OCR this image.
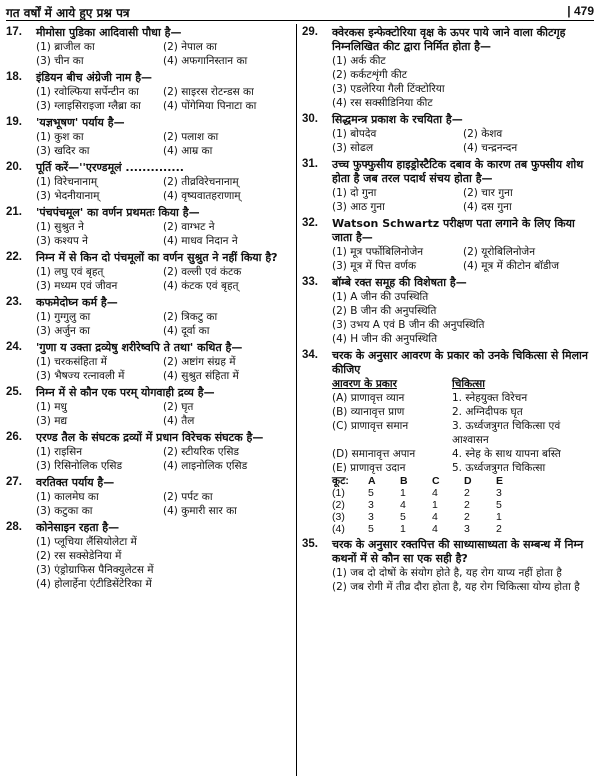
गत वर्षों में आये हुए प्रश्न पत्र	| 479
17.	मीमोसा पुडिका आदिवासी पौधा है—
(1) ब्राजील का	(2) नेपाल का
(3) चीन का	(4) अफगानिस्तान का
18.	इंडियन बीच अंग्रेजी नाम है—
(1) रवोल्फिया सर्पेन्टीन का	(2) साइरस रोटन्डस का
(3) ग्लाइसिराइजा ग्लैब्रा का	(4) पोंगेमिया पिनाटा का
19.	'यज्ञभूषण' पर्याय है—
(1) कुश का	(2) पलाश का
(3) खदिर का	(4) आम्र का
20.	पूर्ति करें—''एरण्डमूलं ..............
(1) विरेचनानाम्	(2) तीव्रविरेचनानाम्
(3) भेदनीयानाम्	(4) वृष्यवातहराणाम्
21.	'पंचपंचमूल' का वर्णन प्रथमतः किया है—
(1) सुश्रुत ने	(2) वाग्भट ने
(3) कश्यप ने	(4) माधव निदान ने
22.	निम्न में से किन दो पंचमूलों का वर्णन सुश्रुत ने नहीं किया है?
(1) लघु एवं बृहत्	(2) वल्ली एवं कंटक
(3) मध्यम एवं जीवन	(4) कंटक एवं बृहत्
23.	कफमेदोघ्न कर्म है—
(1) गुग्गुलु का	(2) त्रिकटु का
(3) अर्जुन का	(4) दूर्वा का
24.	'गुणा य उक्ता द्रव्येषु शरीरेष्वपि ते तथा' कथित है—
(1) चरकसंहिता में	(2) अष्टांग संग्रह में
(3) भैषज्य रत्नावली में	(4) सुश्रुत संहिता में
25.	निम्न में से कौन एक परम् योगवाही द्रव्य है—
(1) मधु	(2) घृत
(3) मद्य	(4) तैल
26.	एरण्ड तैल के संघटक द्रव्यों में प्रधान विरेचक संघटक है—
(1) राइसिन	(2) स्टीयरिक एसिड
(3) रिसिनोलिक एसिड	(4) लाइनोलिक एसिड
27.	वरतिक्त पर्याय है—
(1) कालमेघ का	(2) पर्पट का
(3) कटुका का	(4) कुमारी सार का
28.	कोनेसाइन रहता है—
(1) प्लूचिया लैंसियोलेटा में
(2) रस सक्सेडेनिया में
(3) एंड्रोग्राफिस पैनिक्युलेटस में
(4) होलार्हेना एंटीडिसेंटेरिका में
29.	क्वेरकस इन्फेक्टोरिया वृक्ष के ऊपर पाये जाने वाला कीटगृह निम्नलिखित कीट द्वारा निर्मित होता है—
(1) अर्क कीट
(2) कर्कटशृंगी कीट
(3) एडलेरिया गैली टिंक्टोरिया
(4) रस सक्सीडिनिया कीट
30.	सिद्धमन्त्र प्रकाश के रचयिता है—
(1) बोपदेव	(2) केशव
(3) सोढल	(4) चन्द्रनन्दन
31.	उच्च फुफ्फुसीय हाइड्रोस्टैटिक दबाव के कारण तब फुफ्सीय शोथ होता है जब तरल पदार्थ संचय होता है—
(1) दो गुना	(2) चार गुना
(3) आठ गुना	(4) दस गुना
32.	Watson Schwartz परीक्षण पता लगाने के लिए किया जाता है—
(1) मूत्र पर्फोबिलिनोजेन	(2) यूरोबिलिनोजेन
(3) मूत्र में पित्त वर्णक	(4) मूत्र में कीटोन बॉडीज
33.	बॉम्बे रक्त समूह की विशेषता है—
(1) A जीन की उपस्थिति
(2) B जीन की अनुपस्थिति
(3) उभय A एवं B जीन की अनुपस्थिति
(4) H जीन की अनुपस्थिति
34.	चरक के अनुसार आवरण के प्रकार को उनके चिकित्सा से मिलान कीजिए
आवरण के प्रकार	चिकित्सा
(A) प्राणावृत्त व्यान	1. स्नेहयुक्त विरेचन
(B) व्यानावृत्त प्राण	2. अग्निदीपक घृत
(C) प्राणावृत्त समान	3. ऊर्ध्वजत्रुगत चिकित्सा एवं आश्वासन
(D) समानावृत्त अपान	4. स्नेह के साथ यापना बस्ति
(E) प्राणावृत्त उदान	5. ऊर्ध्वजत्रुगत चिकित्सा
कूट:	A	B	C	D	E
(1)	5	1	4	2	3
(2)	3	4	1	2	5
(3)	3	5	4	2	1
(4)	5	1	4	3	2
35.	चरक के अनुसार रक्तपित्त की साध्यासाध्यता के सम्बन्ध में निम्न कथनों में से कौन सा एक सही है?
(1) जब दो दोषों के संयोग होते है, यह रोग याप्य नहीं होता है
(2) जब रोगी में तीव्र दौरा होता है, यह रोग चिकित्सा योग्य होता है
